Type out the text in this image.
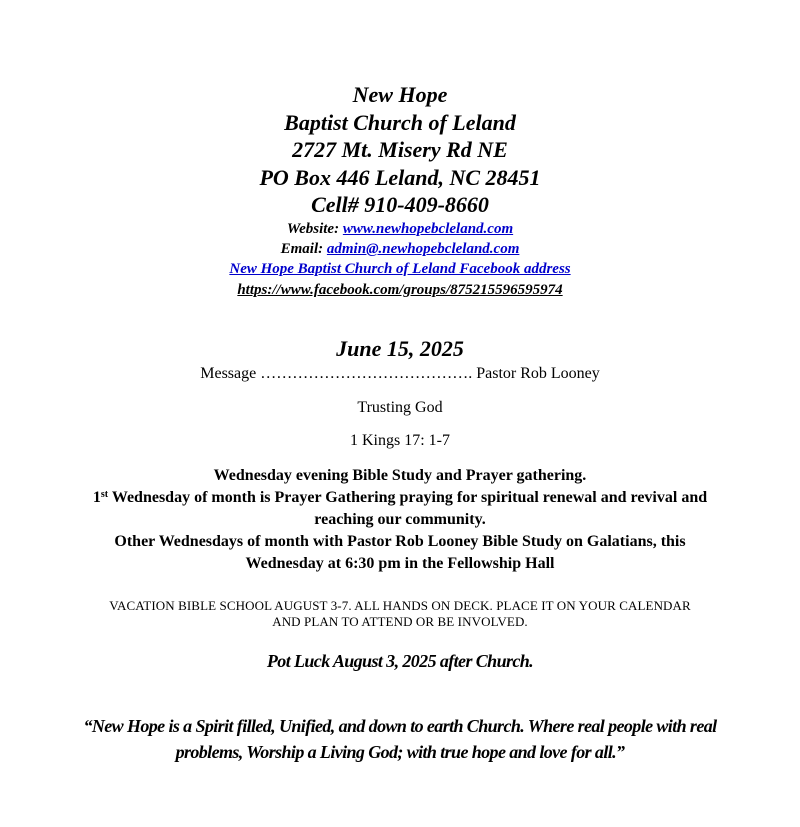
New Hope
Baptist Church of Leland
2727 Mt. Misery Rd NE
PO Box 446 Leland, NC 28451
Cell# 910-409-8660
Website: www.newhopebcleland.com
Email: admin@.newhopebcleland.com
New Hope Baptist Church of Leland Facebook address
https://www.facebook.com/groups/875215596595974
June 15, 2025
Message …………………………………. Pastor Rob Looney
Trusting God
1 Kings 17: 1-7
Wednesday evening Bible Study and Prayer gathering.
1st Wednesday of month is Prayer Gathering praying for spiritual renewal and revival and
reaching our community.
Other Wednesdays of month with Pastor Rob Looney Bible Study on Galatians, this
Wednesday at 6:30 pm in the Fellowship Hall
VACATION BIBLE SCHOOL AUGUST 3-7. ALL HANDS ON DECK. PLACE IT ON YOUR CALENDAR
AND PLAN TO ATTEND OR BE INVOLVED.
Pot Luck August 3, 2025 after Church.
“New Hope is a Spirit filled, Unified, and down to earth Church. Where real people with real
problems, Worship a Living God; with true hope and love for all.”
